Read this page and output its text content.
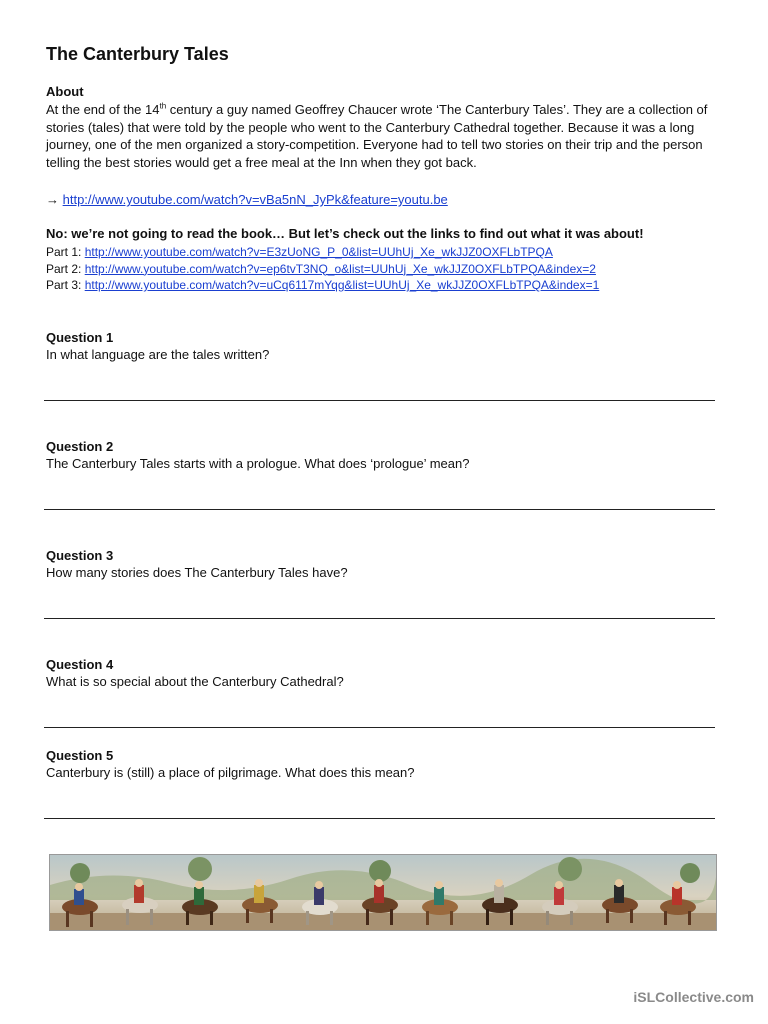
The Canterbury Tales
About

At the end of the 14th century a guy named Geoffrey Chaucer wrote ‘The Canterbury Tales’. They are a collection of stories (tales) that were told by the people who went to the Canterbury Cathedral together. Because it was a long journey, one of the men organized a story-competition. Everyone had to tell two stories on their trip and the person telling the best stories would get a free meal at the Inn when they got back.

→ http://www.youtube.com/watch?v=vBa5nN_JyPk&feature=youtu.be
No: we’re not going to read the book… But let’s check out the links to find out what it was about!
Part 1: http://www.youtube.com/watch?v=E3zUoNG_P_0&list=UUhUj_Xe_wkJJZ0OXFLbTPQA
Part 2: http://www.youtube.com/watch?v=ep6tvT3NQ_o&list=UUhUj_Xe_wkJJZ0OXFLbTPQA&index=2
Part 3: http://www.youtube.com/watch?v=uCq6117mYqg&list=UUhUj_Xe_wkJJZ0OXFLbTPQA&index=1
Question 1
In what language are the tales written?
Question 2
The Canterbury Tales starts with a prologue. What does ‘prologue’ mean?
Question 3
How many stories does The Canterbury Tales have?
Question 4
What is so special about the Canterbury Cathedral?
Question 5
Canterbury is (still) a place of pilgrimage. What does this mean?
iSLCollective.com
